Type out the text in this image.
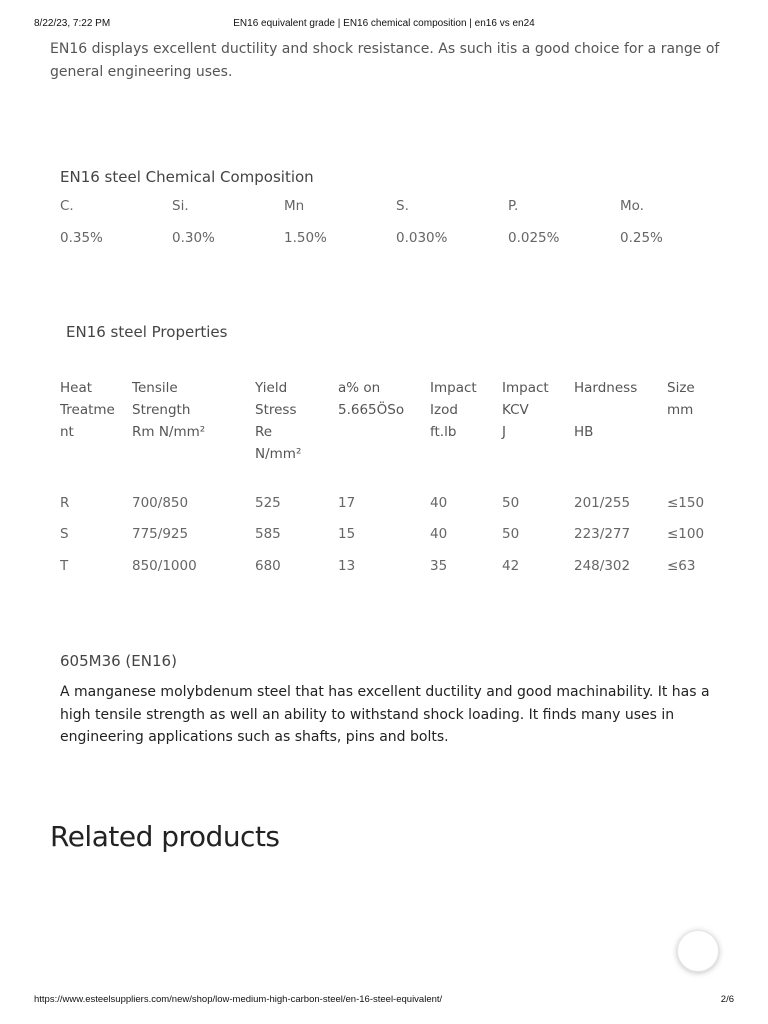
8/22/23, 7:22 PM	EN16 equivalent grade | EN16 chemical composition | en16 vs en24

EN16 displays excellent ductility and shock resistance. As such itis a good choice for a range of general engineering uses.

EN16 steel Chemical Composition
C.	Si.	Mn	S.	P.	Mo.
0.35%	0.30%	1.50%	0.030%	0.025%	0.25%
EN16 steel Properties
Heat
Treatme
nt	Tensile
Strength
Rm N/mm²	Yield
Stress
Re
N/mm²	a% on
5.665ÖSo	Impact
Izod
ft.lb	Impact
KCV
J	Hardness
HB	Size
mm
R	700/850	525	17	40	50	201/255	≤150
S	775/925	585	15	40	50	223/277	≤100
T	850/1000	680	13	35	42	248/302	≤63
605M36 (EN16)

A manganese molybdenum steel that has excellent ductility and good machinability. It has a high tensile strength as well an ability to withstand shock loading. It finds many uses in engineering applications such as shafts, pins and bolts.

Related products
https://www.esteelsuppliers.com/new/shop/low-medium-high-carbon-steel/en-16-steel-equivalent/	2/6
